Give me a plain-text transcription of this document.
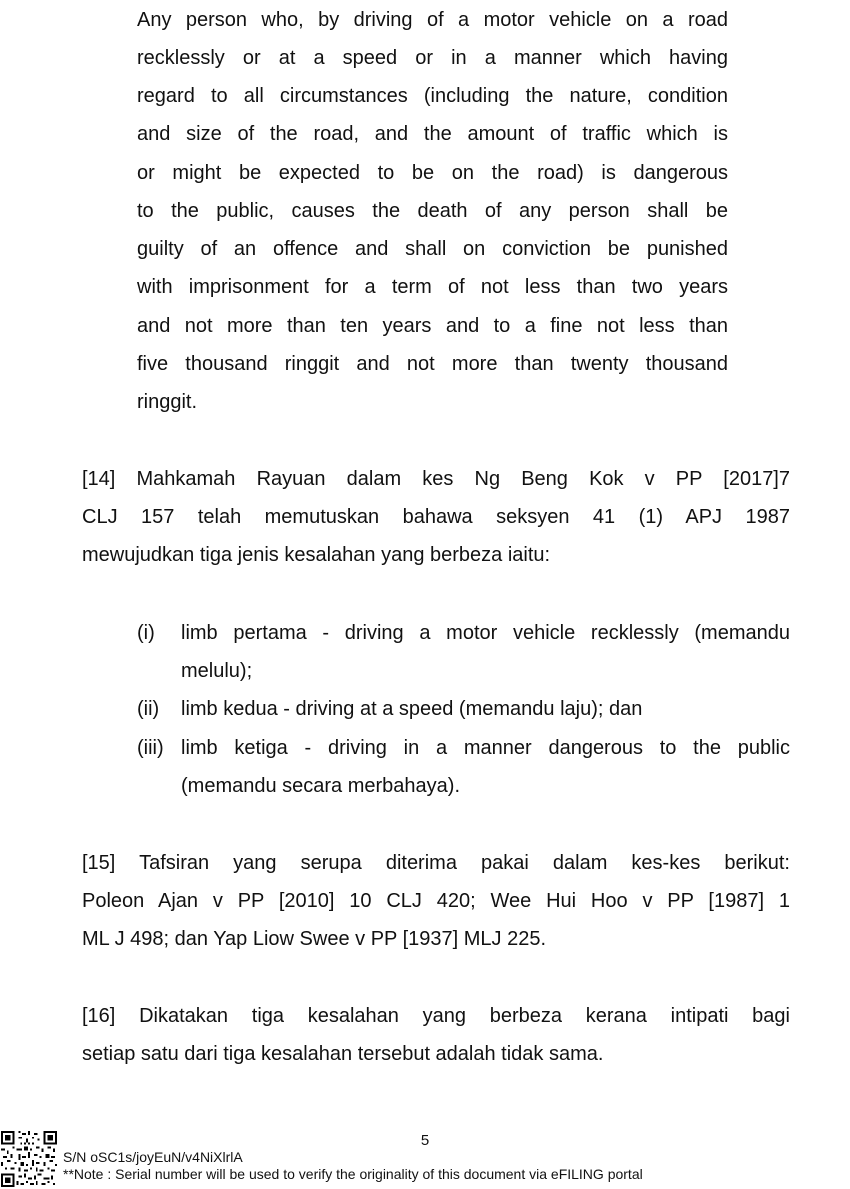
Any person who, by driving of a motor vehicle on a road
recklessly or at a speed or in a manner which having
regard to all circumstances (including the nature, condition
and size of the road, and the amount of traffic which is
or might be expected to be on the road) is dangerous
to the public, causes the death of any person shall be
guilty of an offence and shall on conviction be punished
with imprisonment for a term of not less than two years
and not more than ten years and to a fine not less than
five thousand ringgit and not more than twenty thousand
ringgit.
[14] Mahkamah Rayuan dalam kes Ng Beng Kok v PP [2017]7
CLJ 157 telah memutuskan bahawa seksyen 41 (1) APJ 1987
mewujudkan tiga jenis kesalahan yang berbeza iaitu:
(i) limb pertama - driving a motor vehicle recklessly (memandu
melulu);
(ii) limb kedua - driving at a speed (memandu laju); dan
(iii) limb ketiga - driving in a manner dangerous to the public
(memandu secara merbahaya).
[15] Tafsiran yang serupa diterima pakai dalam kes-kes berikut:
Poleon Ajan v PP [2010] 10 CLJ 420; Wee Hui Hoo v PP [1987] 1
ML J 498; dan Yap Liow Swee v PP [1937] MLJ 225.
[16] Dikatakan tiga kesalahan yang berbeza kerana intipati bagi
setiap satu dari tiga kesalahan tersebut adalah tidak sama.
5
S/N oSC1s/joyEuN/v4NiXlrlA
**Note : Serial number will be used to verify the originality of this document via eFILING portal
